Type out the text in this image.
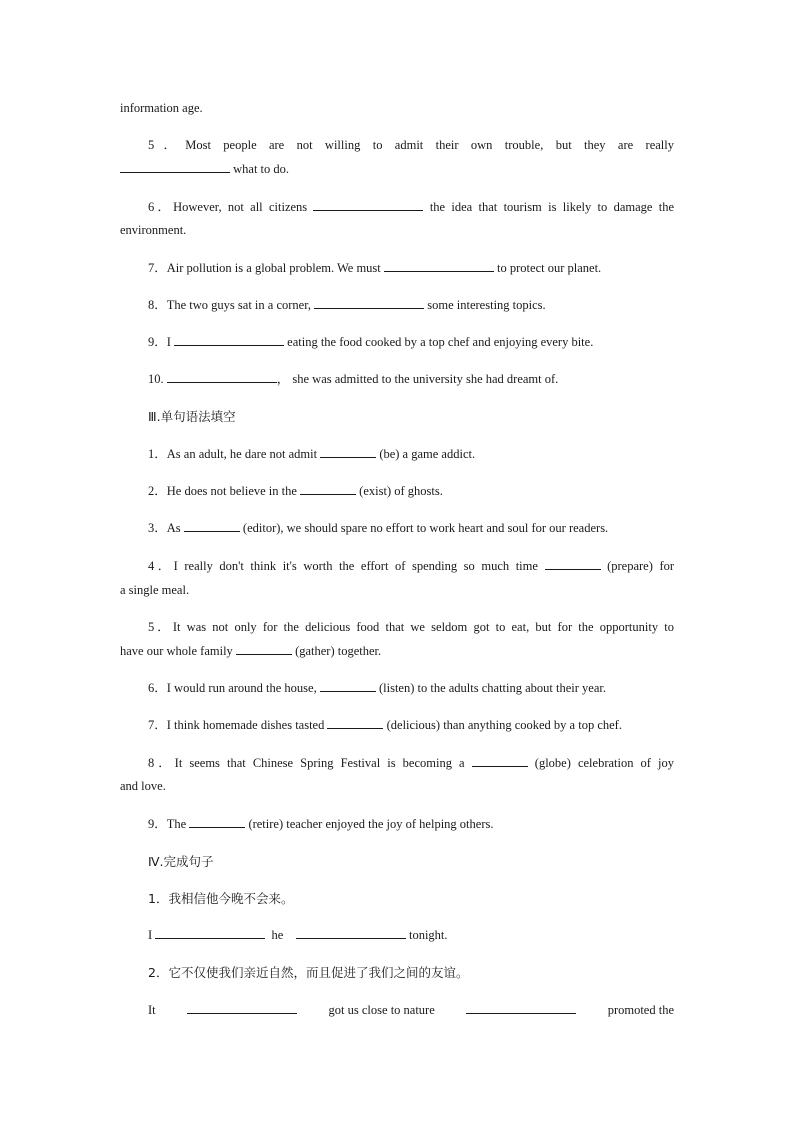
information age.

5．Most people are not willing to admit their own trouble, but they are really

what to do.

6．However, not all citizens	the idea that tourism is likely to damage the

environment.

7．Air pollution is a global problem. We must	to protect our planet.

8．The two guys sat in a corner,	some interesting topics.

9．I	eating the food cooked by a top chef and enjoying every bite.

10.	， she was admitted to the university she had dreamt of.

Ⅲ.单句语法填空

1．As an adult, he dare not admit	(be) a game addict.

2．He does not believe in the	(exist) of ghosts.

3．As	(editor), we should spare no effort to work heart and soul for our readers.

4．I really don't think it's worth the effort of spending so much time	(prepare) for

a single meal.

5．It was not only for the delicious food that we seldom got to eat, but for the opportunity to

have our whole family	(gather) together.

6．I would run around the house,	(listen) to the adults chatting about their year.

7．I think homemade dishes tasted	(delicious) than anything cooked by a top chef.

8．It seems that Chinese Spring Festival is becoming a	(globe) celebration of joy

and love.

9．The	(retire) teacher enjoyed the joy of helping others.

Ⅳ.完成句子

1．我相信他今晚不会来。

I	he	tonight.

2．它不仅使我们亲近自然，而且促进了我们之间的友谊。

It	got us close to nature	promoted the
